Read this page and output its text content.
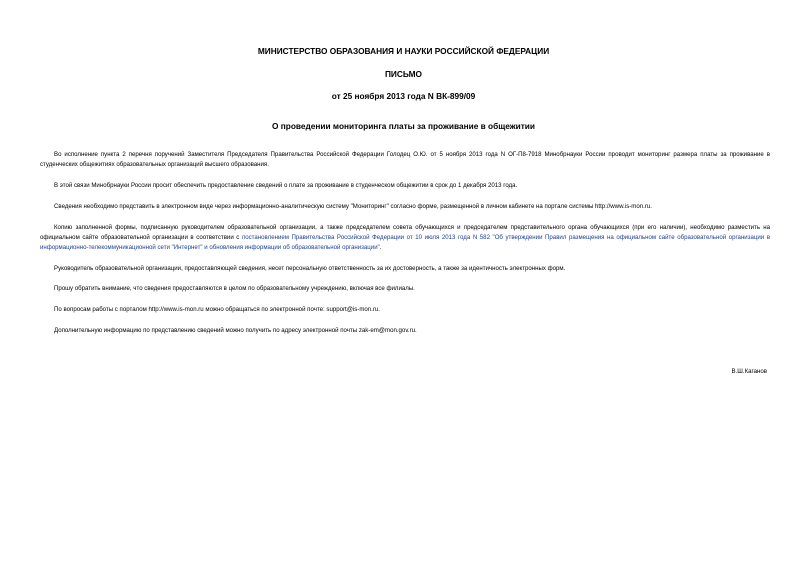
МИНИСТЕРСТВО ОБРАЗОВАНИЯ И НАУКИ РОССИЙСКОЙ ФЕДЕРАЦИИ
ПИСЬМО
от 25 ноября 2013 года N ВК-899/09
О проведении мониторинга платы за проживание в общежитии
Во исполнение пункта 2 перечня поручений Заместителя Председателя Правительства Российской Федерации Голодец О.Ю. от 5 ноября 2013 года N ОГ-П8-7918 Минобрнауки России проводит мониторинг размера платы за проживание в студенческих общежитиях образовательных организаций высшего образования.
В этой связи Минобрнауки России просит обеспечить предоставление сведений о плате за проживание в студенческом общежитии в срок до 1 декабря 2013 года.
Сведения необходимо представить в электронном виде через информационно-аналитическую систему "Мониторинг" согласно форме, размещенной в личном кабинете на портале системы http://www.is-mon.ru.
Копию заполненной формы, подписанную руководителем образовательной организации, а также председателем совета обучающихся и председателем представительного органа обучающихся (при его наличии), необходимо разместить на официальном сайте образовательной организации в соответствии с постановлением Правительства Российской Федерации от 10 июля 2013 года N 582 "Об утверждении Правил размещения на официальном сайте образовательной организации в информационно-телекоммуникационной сети "Интернет" и обновления информации об образовательной организации".
Руководитель образовательной организации, предоставляющей сведения, несет персональную ответственность за их достоверность, а также за идентичность электронных форм.
Прошу обратить внимание, что сведения предоставляются в целом по образовательному учреждению, включая все филиалы.
По вопросам работы с порталом http://www.is-mon.ru можно обращаться по электронной почте: support@is-mon.ru.
Дополнительную информацию по представлению сведений можно получить по адресу электронной почты zak-em@mon.gov.ru.
В.Ш.Каганов
